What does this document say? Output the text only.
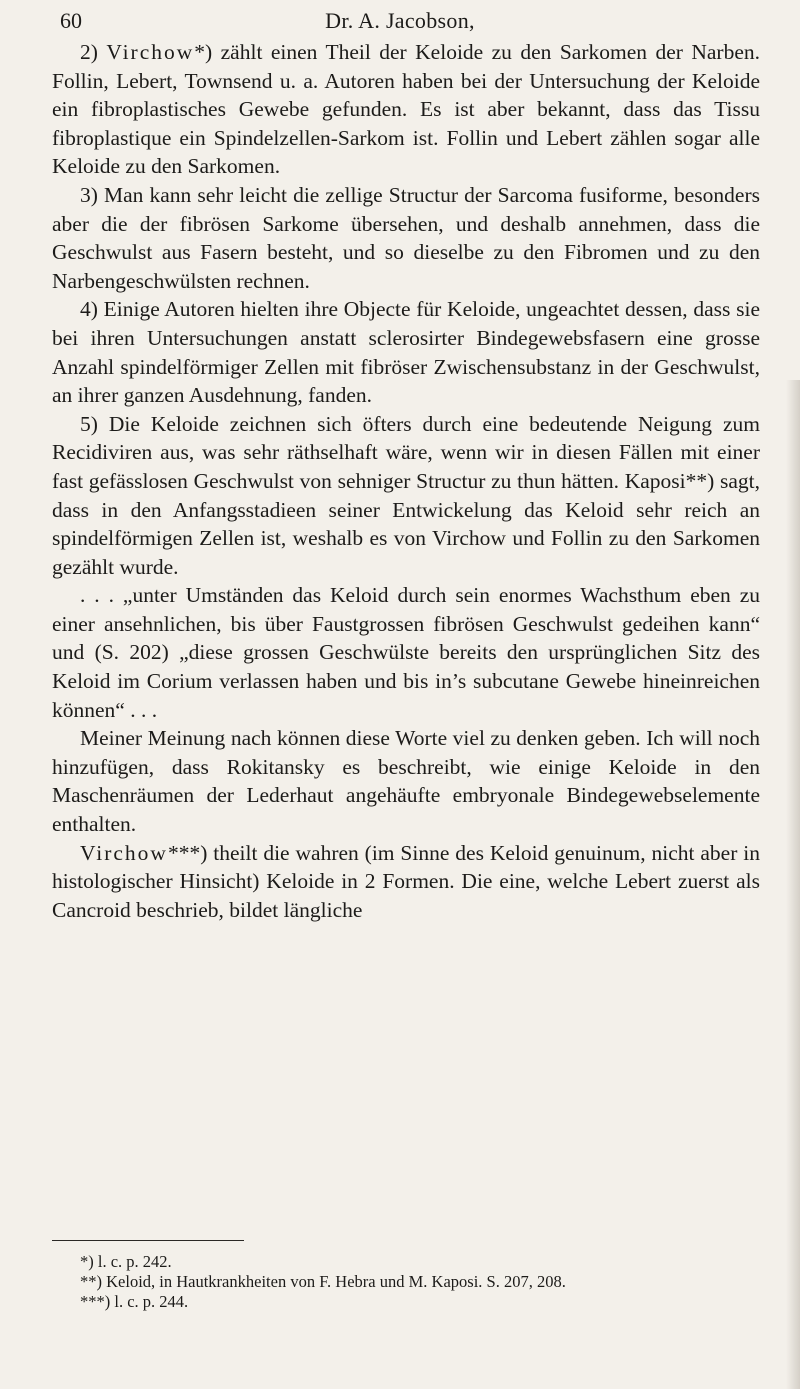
60	Dr. A. Jacobson,

2) Virchow*) zählt einen Theil der Keloide zu den Sarkomen der Narben. Follin, Lebert, Townsend u. a. Autoren haben bei der Untersuchung der Keloide ein fibroplastisches Gewebe gefunden. Es ist aber bekannt, dass das Tissu fibroplastique ein Spindelzellen-Sarkom ist. Follin und Lebert zählen sogar alle Keloide zu den Sarkomen.

3) Man kann sehr leicht die zellige Structur der Sarcoma fusiforme, besonders aber die der fibrösen Sarkome übersehen, und deshalb annehmen, dass die Geschwulst aus Fasern besteht, und so dieselbe zu den Fibromen und zu den Narbengeschwülsten rechnen.

4) Einige Autoren hielten ihre Objecte für Keloide, ungeachtet dessen, dass sie bei ihren Untersuchungen anstatt sclerosirter Bindegewebsfasern eine grosse Anzahl spindelförmiger Zellen mit fibröser Zwischensubstanz in der Geschwulst, an ihrer ganzen Ausdehnung, fanden.

5) Die Keloide zeichnen sich öfters durch eine bedeutende Neigung zum Recidiviren aus, was sehr räthselhaft wäre, wenn wir in diesen Fällen mit einer fast gefässlosen Geschwulst von sehniger Structur zu thun hätten. Kaposi**) sagt, dass in den Anfangsstadieen seiner Entwickelung das Keloid sehr reich an spindelförmigen Zellen ist, weshalb es von Virchow und Follin zu den Sarkomen gezählt wurde.

. . . „unter Umständen das Keloid durch sein enormes Wachsthum eben zu einer ansehnlichen, bis über Faustgrossen fibrösen Geschwulst gedeihen kann“ und (S. 202) „diese grossen Geschwülste bereits den ursprünglichen Sitz des Keloid im Corium verlassen haben und bis in’s subcutane Gewebe hineinreichen können“ . . .

Meiner Meinung nach können diese Worte viel zu denken geben. Ich will noch hinzufügen, dass Rokitansky es beschreibt, wie einige Keloide in den Maschenräumen der Lederhaut angehäufte embryonale Bindegewebselemente enthalten.

Virchow***) theilt die wahren (im Sinne des Keloid genuinum, nicht aber in histologischer Hinsicht) Keloide in 2 Formen. Die eine, welche Lebert zuerst als Cancroid beschrieb, bildet längliche

*) l. c. p. 242.

**) Keloid, in Hautkrankheiten von F. Hebra und M. Kaposi. S. 207, 208.

***) l. c. p. 244.
